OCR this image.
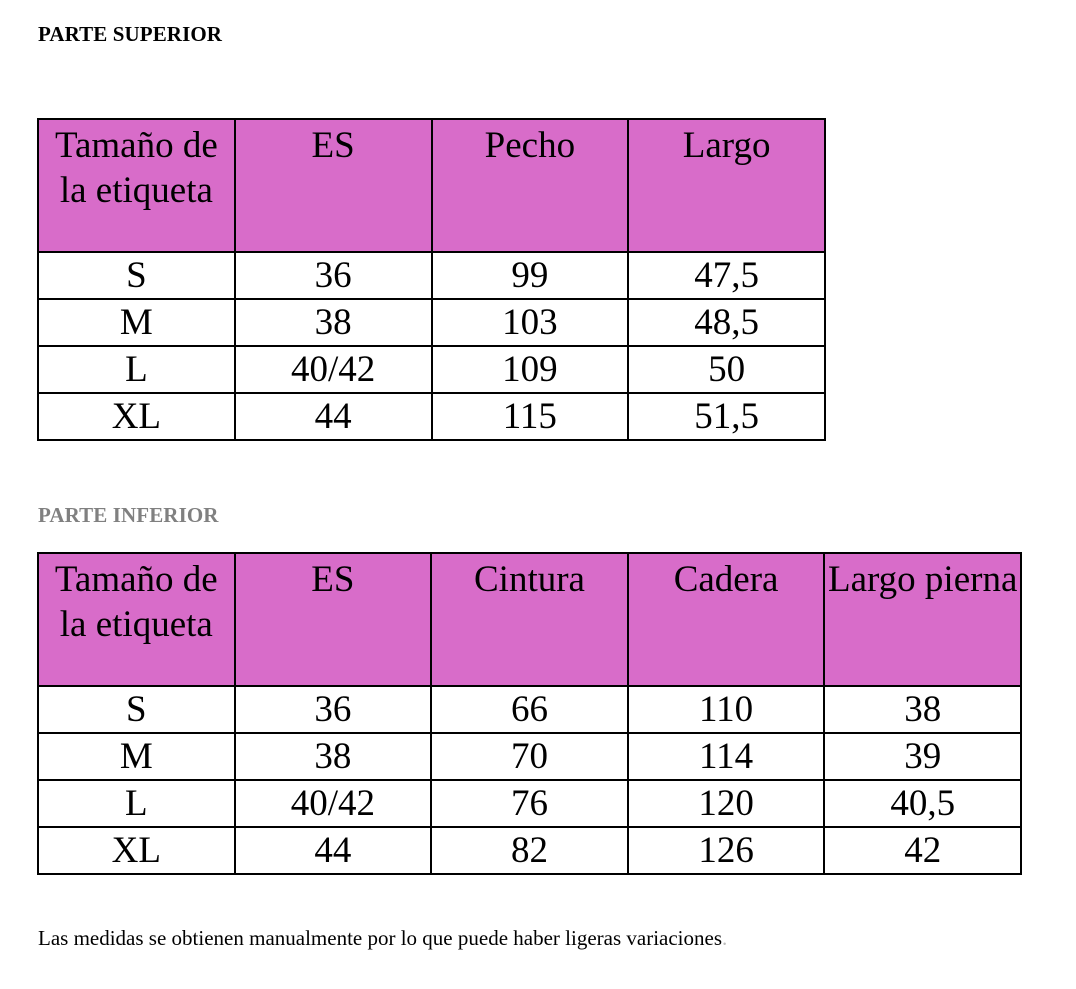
PARTE SUPERIOR
Tamaño de la etiqueta	ES	Pecho	Largo
S	36	99	47,5
M	38	103	48,5
L	40/42	109	50
XL	44	115	51,5
PARTE INFERIOR
Tamaño de la etiqueta	ES	Cintura	Cadera	Largo pierna
S	36	66	110	38
M	38	70	114	39
L	40/42	76	120	40,5
XL	44	82	126	42
Las medidas se obtienen manualmente por lo que puede haber ligeras variaciones.
